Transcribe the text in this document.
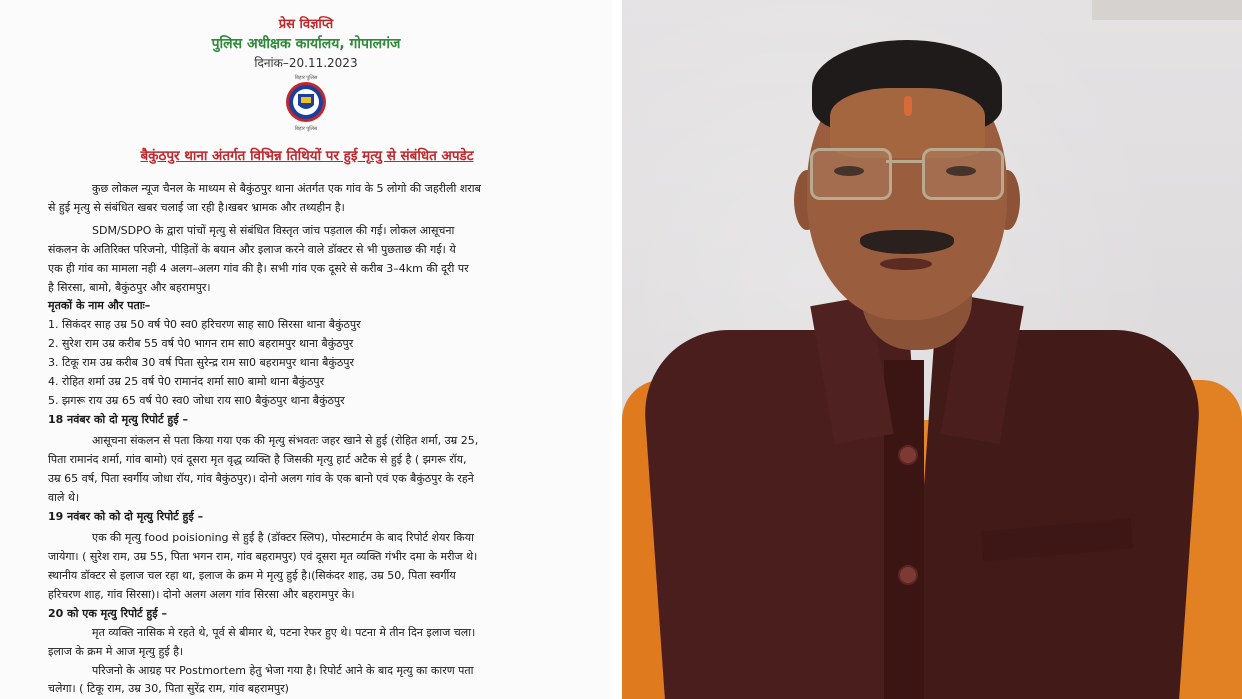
प्रेस विज्ञप्ति
पुलिस अधीक्षक कार्यालय, गोपालगंज
दिनांक–20.11.2023
बिहार पुलिस
बिहार पुलिस
बैकुंठपुर थाना अंतर्गत विभिन्न तिथियों पर हुई मृत्यु से संबंधित अपडेट
कुछ लोकल न्यूज चैनल के माध्यम से बैकुंठपुर थाना अंतर्गत एक गांव के 5 लोगो की जहरीली शराब
से हुई मृत्यु से संबंधित खबर चलाई जा रही है।खबर भ्रामक और तथ्यहीन है।
SDM/SDPO के द्वारा पांचों मृत्यु से संबंधित विस्तृत जांच पड़ताल की गई। लोकल आसूचना
संकलन के अतिरिक्त परिजनो, पीड़ितों के बयान और इलाज करने वाले डॉक्टर से भी पुछताछ की गई। ये
एक ही गांव का मामला नही 4 अलग–अलग गांव की है। सभी गांव एक दूसरे से करीब 3–4km की दूरी पर
है सिरसा, बामो, बैकुंठपुर और बहरामपुर।
मृतकों के नाम और पताः–
1. सिकंदर साह उम्र 50 वर्ष पे0 स्व0 हरिचरण साह सा0 सिरसा थाना बैकुंठपुर
2. सुरेश राम उम्र करीब 55 वर्ष पे0 भागन राम सा0 बहरामपुर थाना बैकुंठपुर
3. टिकू राम उम्र करीब 30 वर्ष पिता सुरेन्द्र राम सा0 बहरामपुर थाना बैकुंठपुर
4. रोहित शर्मा उम्र 25 वर्ष पे0 रामानंद शर्मा सा0 बामो थाना बैकुंठपुर
5. झगरू राय उम्र 65 वर्ष पे0 स्व0 जोधा राय सा0 बैकुंठपुर थाना बैकुंठपुर
18 नवंबर को दो मृत्यु रिपोर्ट हुई –
आसूचना संकलन से पता किया गया एक की मृत्यु संभवतः जहर खाने से हुई (रोहित शर्मा, उम्र 25,
पिता रामानंद शर्मा, गांव बामो) एवं दूसरा मृत वृद्ध व्यक्ति है जिसकी मृत्यु हार्ट अटैक से हुई है ( झगरू रॉय,
उम्र 65 वर्ष, पिता स्वर्गीय जोधा रॉय, गांव बैकुंठपुर)। दोनो अलग गांव के एक बानो एवं एक बैकुंठपुर के रहने
वाले थे।
19 नवंबर को को दो मृत्यु रिपोर्ट हुई –
एक की मृत्यु food poisioning से हुई है (डॉक्टर स्लिप), पोस्टमार्टम के बाद रिपोर्ट शेयर किया
जायेगा। ( सुरेश राम, उम्र 55, पिता भगन राम, गांव बहरामपुर) एवं दूसरा मृत व्यक्ति गंभीर दमा के मरीज थे।
स्थानीय डॉक्टर से इलाज चल रहा था, इलाज के क्रम मे मृत्यु हुई है।(सिकंदर शाह, उम्र 50, पिता स्वर्गीय
हरिचरण शाह, गांव सिरसा)। दोनो अलग अलग गांव सिरसा और बहरामपुर के।
20 को एक मृत्यु रिपोर्ट हुई –
मृत व्यक्ति नासिक मे रहते थे, पूर्व से बीमार थे, पटना रेफर हुए थे। पटना मे तीन दिन इलाज चला।
इलाज के क्रम मे आज मृत्यु हुई है।
परिजनो के आग्रह पर Postmortem हेतु भेजा गया है। रिपोर्ट आने के बाद मृत्यु का कारण पता
चलेगा। ( टिकू राम, उम्र 30, पिता सुरेंद्र राम, गांव बहरामपुर)
